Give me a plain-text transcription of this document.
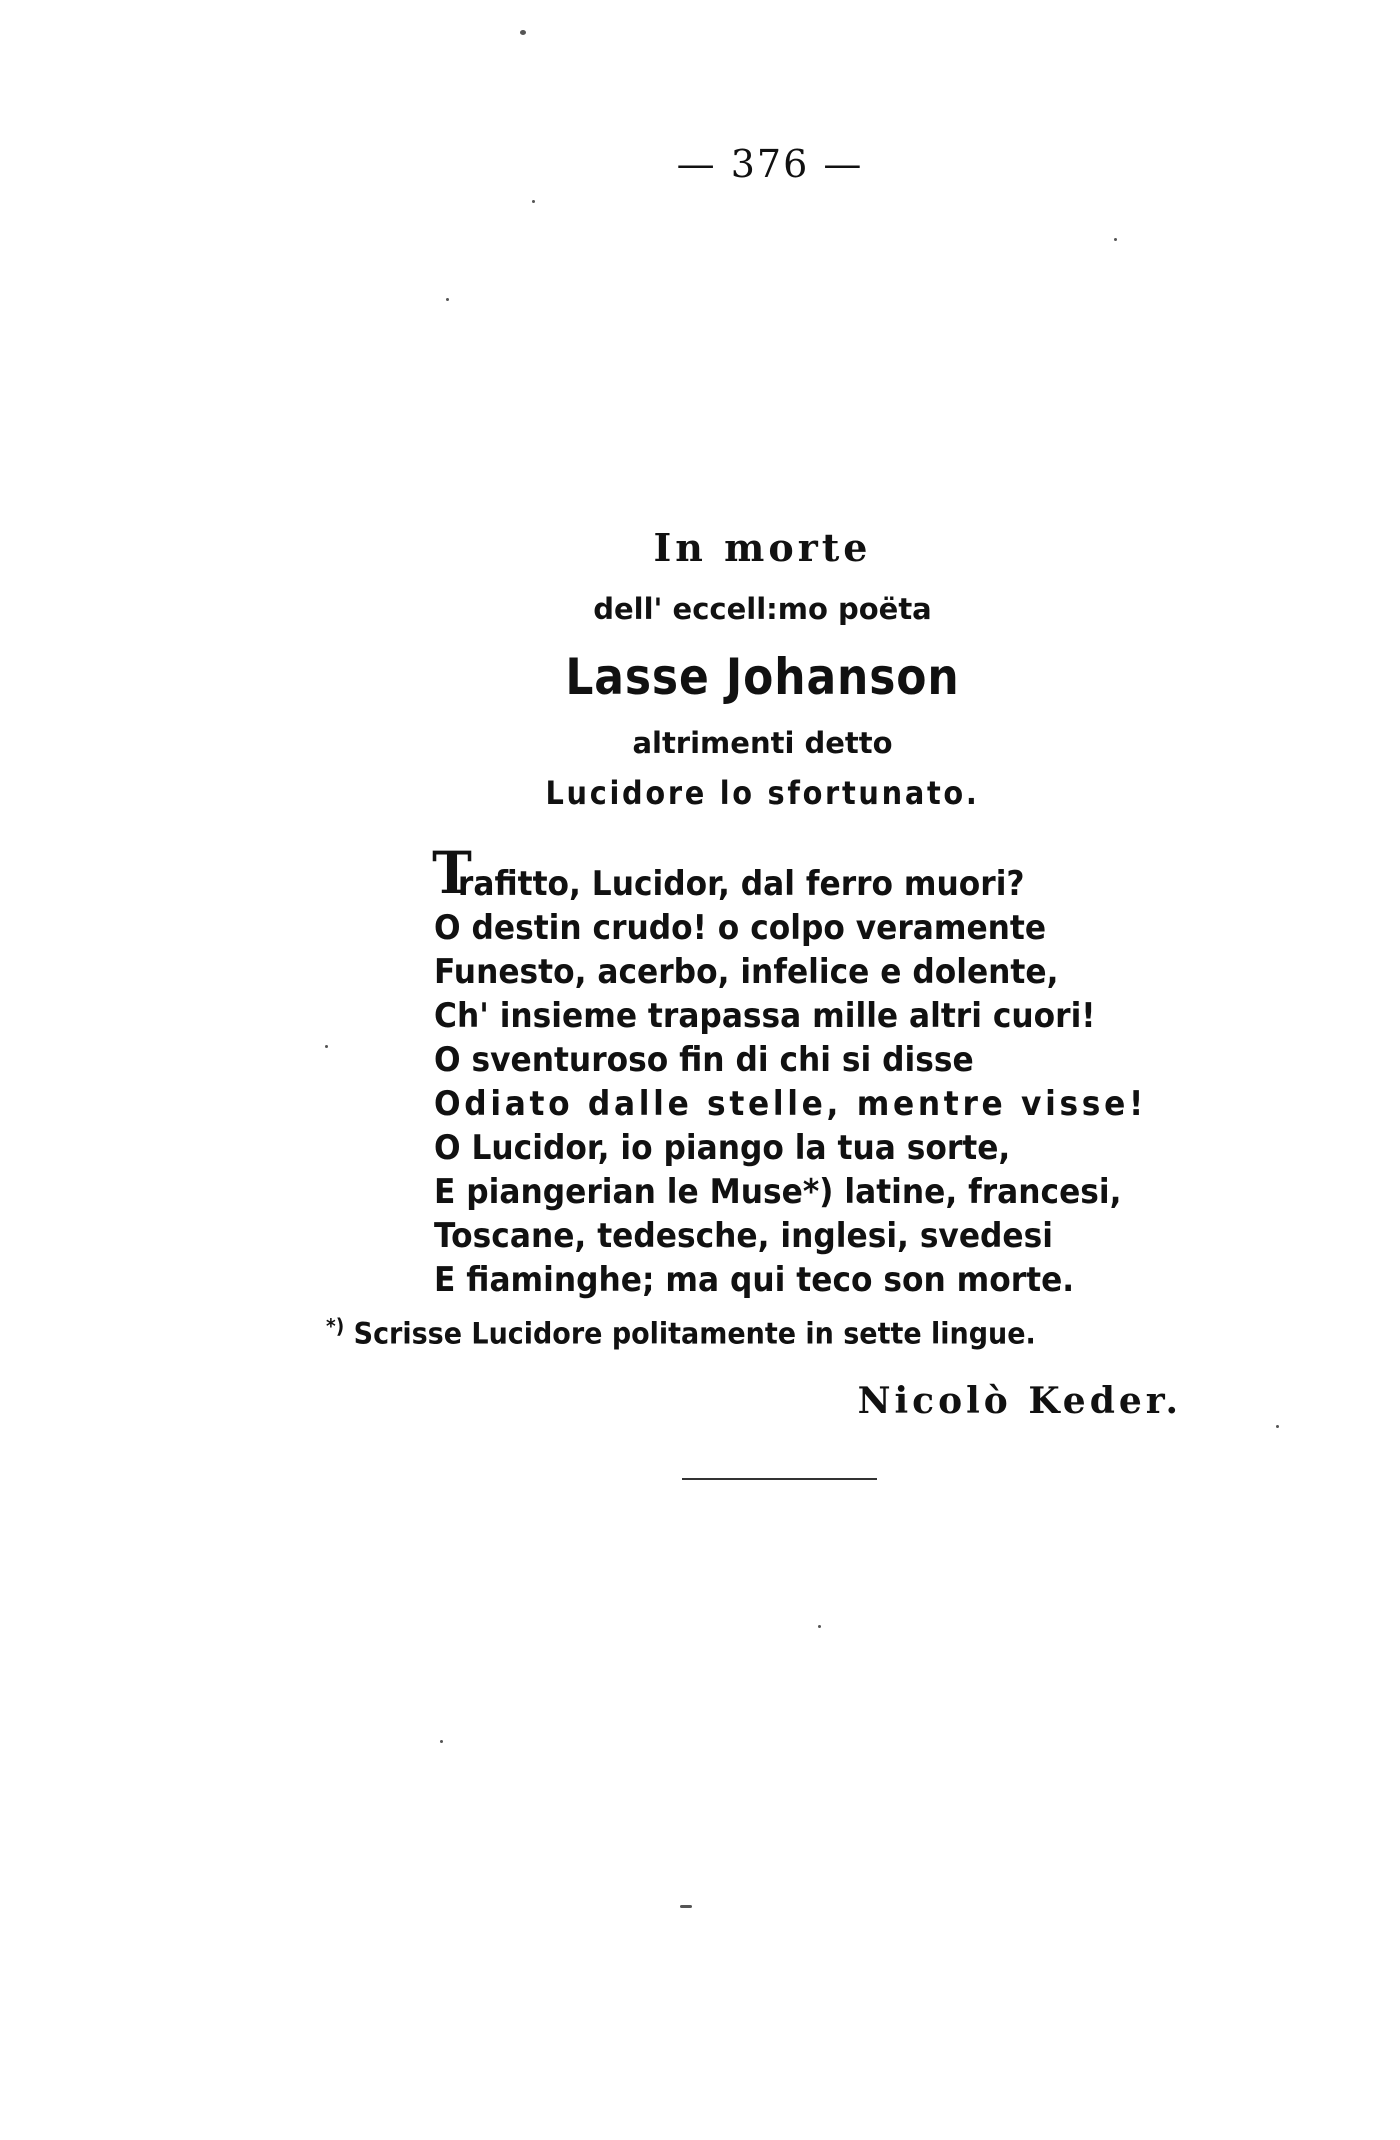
— 376 —
In morte
dell' eccell:mo poëta
Lasse Johanson
altrimenti detto
Lucidore lo sfortunato.
T
rafitto, Lucidor, dal ferro muori?
O destin crudo! o colpo veramente
Funesto, acerbo, infelice e dolente,
Ch' insieme trapassa mille altri cuori!
O sventuroso fin di chi si disse
Odiato dalle stelle, mentre visse!
O Lucidor, io piango la tua sorte,
E piangerian le Muse*) latine, francesi,
Toscane, tedesche, inglesi, svedesi
E fiaminghe; ma qui teco son morte.
*) Scrisse Lucidore politamente in sette lingue.
Nicolò Keder.
